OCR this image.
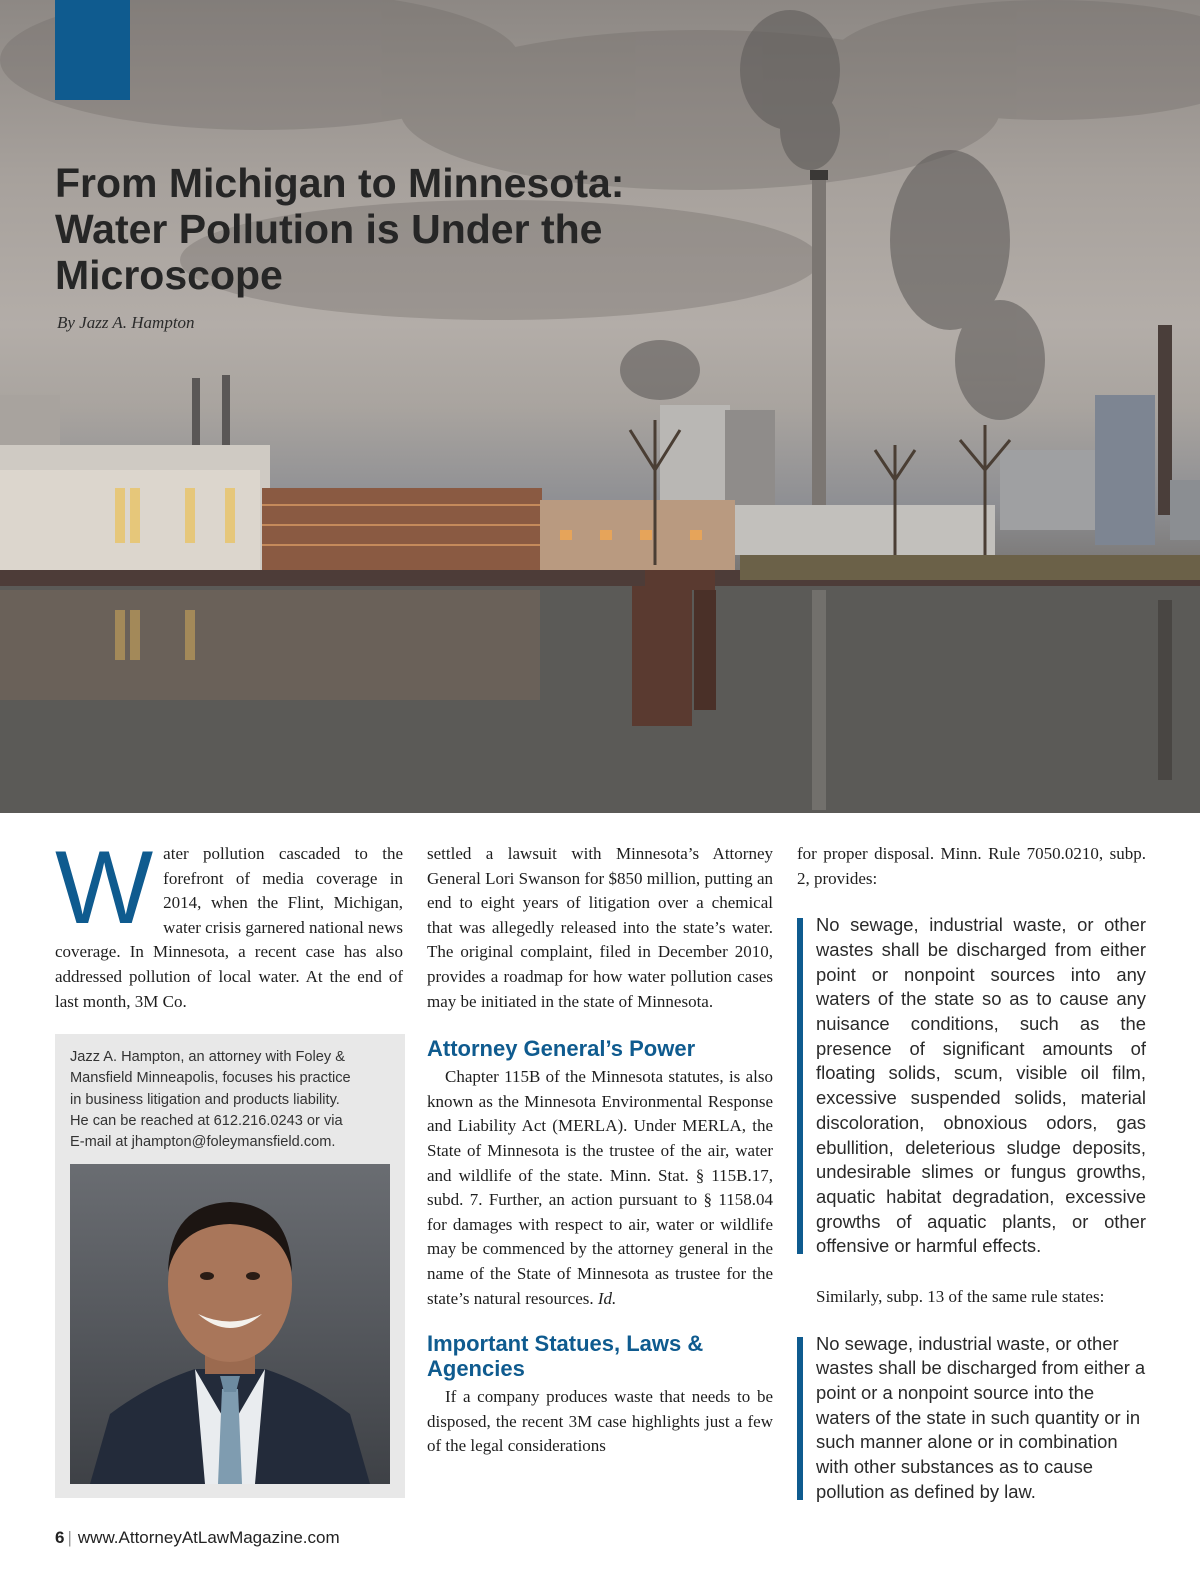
From Michigan to Minnesota:
Water Pollution is Under the
Microscope
By Jazz A. Hampton

Water pollution cascaded to the forefront of media coverage in 2014, when the Flint, Michigan, water crisis garnered national news coverage. In Minnesota, a recent case has also addressed pollution of local water. At the end of last month, 3M Co.

Jazz A. Hampton, an attorney with Foley &
Mansfield Minneapolis, focuses his practice
in business litigation and products liability.
He can be reached at 612.216.0243 or via
E-mail at jhampton@foleymansfield.com.

settled a lawsuit with Minnesota’s Attorney General Lori Swanson for $850 million, putting an end to eight years of litigation over a chemical that was allegedly released into the state’s water. The original complaint, filed in December 2010, provides a roadmap for how water pollution cases may be initiated in the state of Minnesota.

Attorney General’s Power

Chapter 115B of the Minnesota statutes, is also known as the Minnesota Environmental Response and Liability Act (MERLA). Under MERLA, the State of Minnesota is the trustee of the air, water and wildlife of the state. Minn. Stat. § 115B.17, subd. 7. Further, an action pursuant to § 1158.04 for damages with respect to air, water or wildlife may be commenced by the attorney general in the name of the State of Minnesota as trustee for the state’s natural resources. Id.

Important Statues, Laws & Agencies

If a company produces waste that needs to be disposed, the recent 3M case highlights just a few of the legal considerations

for proper disposal. Minn. Rule 7050.0210, subp. 2, provides:

No sewage, industrial waste, or other wastes shall be discharged from either point or nonpoint sources into any waters of the state so as to cause any nuisance conditions, such as the presence of significant amounts of floating solids, scum, visible oil film, excessive suspended solids, material discoloration, obnoxious odors, gas ebullition, deleterious sludge deposits, undesirable slimes or fungus growths, aquatic habitat degradation, excessive growths of aquatic plants, or other offensive or harmful effects.

Similarly, subp. 13 of the same rule states:

No sewage, industrial waste, or other wastes shall be discharged from either a point or a nonpoint source into the waters of the state in such quantity or in such manner alone or in combination with other substances as to cause pollution as defined by law.

6 | www.AttorneyAtLawMagazine.com
